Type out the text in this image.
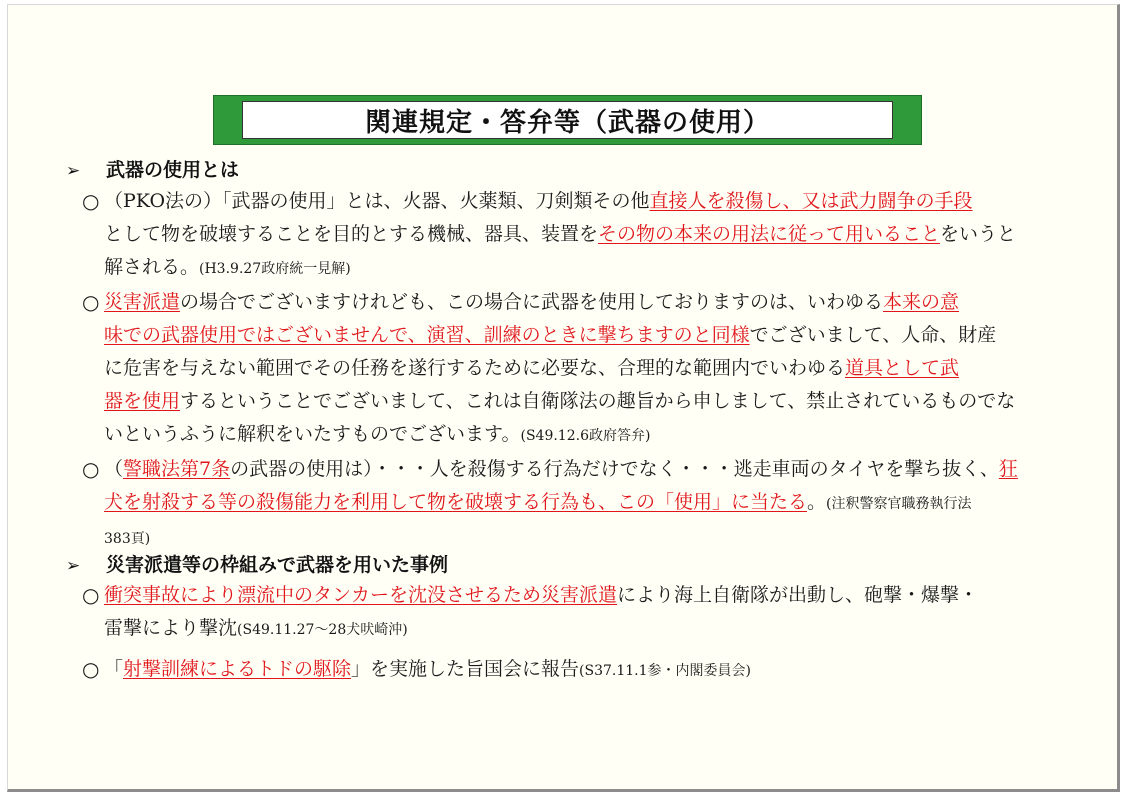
関連規定・答弁等（武器の使用）
➢ 武器の使用とは
○ （PKO法の）「武器の使用」とは、火器、火薬類、刀剣類その他直接人を殺傷し、又は武力闘争の手段
として物を破壊することを目的とする機械、器具、装置をその物の本来の用法に従って用いることをいうと
解される。(H3.9.27政府統一見解)
○ 災害派遣の場合でございますけれども、この場合に武器を使用しておりますのは、いわゆる本来の意
味での武器使用ではございませんで、演習、訓練のときに撃ちますのと同様でございまして、人命、財産
に危害を与えない範囲でその任務を遂行するために必要な、合理的な範囲内でいわゆる道具として武
器を使用するということでございまして、これは自衛隊法の趣旨から申しまして、禁止されているものでな
いというふうに解釈をいたすものでございます。(S49.12.6政府答弁)
○ （警職法第7条の武器の使用は）・・・人を殺傷する行為だけでなく・・・逃走車両のタイヤを撃ち抜く、狂
犬を射殺する等の殺傷能力を利用して物を破壊する行為も、この「使用」に当たる。(注釈警察官職務執行法
383頁)
➢ 災害派遣等の枠組みで武器を用いた事例
○ 衝突事故により漂流中のタンカーを沈没させるため災害派遣により海上自衛隊が出動し、砲撃・爆撃・
雷撃により撃沈(S49.11.27～28犬吠崎沖)
○ 「射撃訓練によるトドの駆除」を実施した旨国会に報告(S37.11.1参・内閣委員会)
